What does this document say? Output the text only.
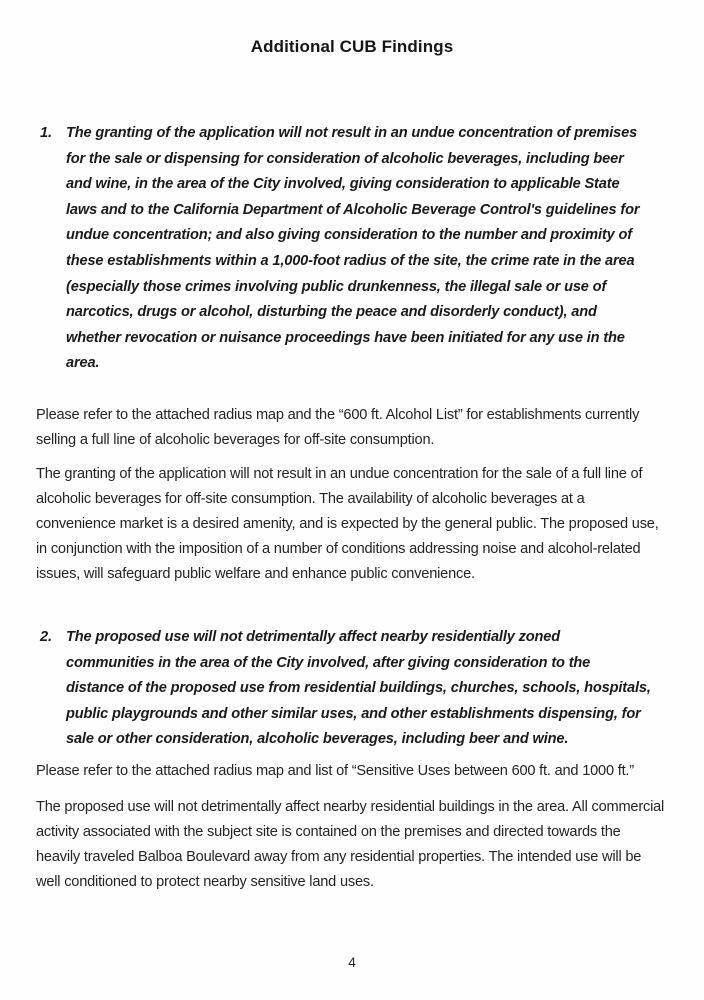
Additional CUB Findings
1. The granting of the application will not result in an undue concentration of premises for the sale or dispensing for consideration of alcoholic beverages, including beer and wine, in the area of the City involved, giving consideration to applicable State laws and to the California Department of Alcoholic Beverage Control's guidelines for undue concentration; and also giving consideration to the number and proximity of these establishments within a 1,000-foot radius of the site, the crime rate in the area (especially those crimes involving public drunkenness, the illegal sale or use of narcotics, drugs or alcohol, disturbing the peace and disorderly conduct), and whether revocation or nuisance proceedings have been initiated for any use in the area.

Please refer to the attached radius map and the “600 ft. Alcohol List” for establishments currently selling a full line of alcoholic beverages for off-site consumption.

The granting of the application will not result in an undue concentration for the sale of a full line of alcoholic beverages for off-site consumption. The availability of alcoholic beverages at a convenience market is a desired amenity, and is expected by the general public. The proposed use, in conjunction with the imposition of a number of conditions addressing noise and alcohol-related issues, will safeguard public welfare and enhance public convenience.

2. The proposed use will not detrimentally affect nearby residentially zoned communities in the area of the City involved, after giving consideration to the distance of the proposed use from residential buildings, churches, schools, hospitals, public playgrounds and other similar uses, and other establishments dispensing, for sale or other consideration, alcoholic beverages, including beer and wine.

Please refer to the attached radius map and list of “Sensitive Uses between 600 ft. and 1000 ft.”

The proposed use will not detrimentally affect nearby residential buildings in the area. All commercial activity associated with the subject site is contained on the premises and directed towards the heavily traveled Balboa Boulevard away from any residential properties. The intended use will be well conditioned to protect nearby sensitive land uses.

4
